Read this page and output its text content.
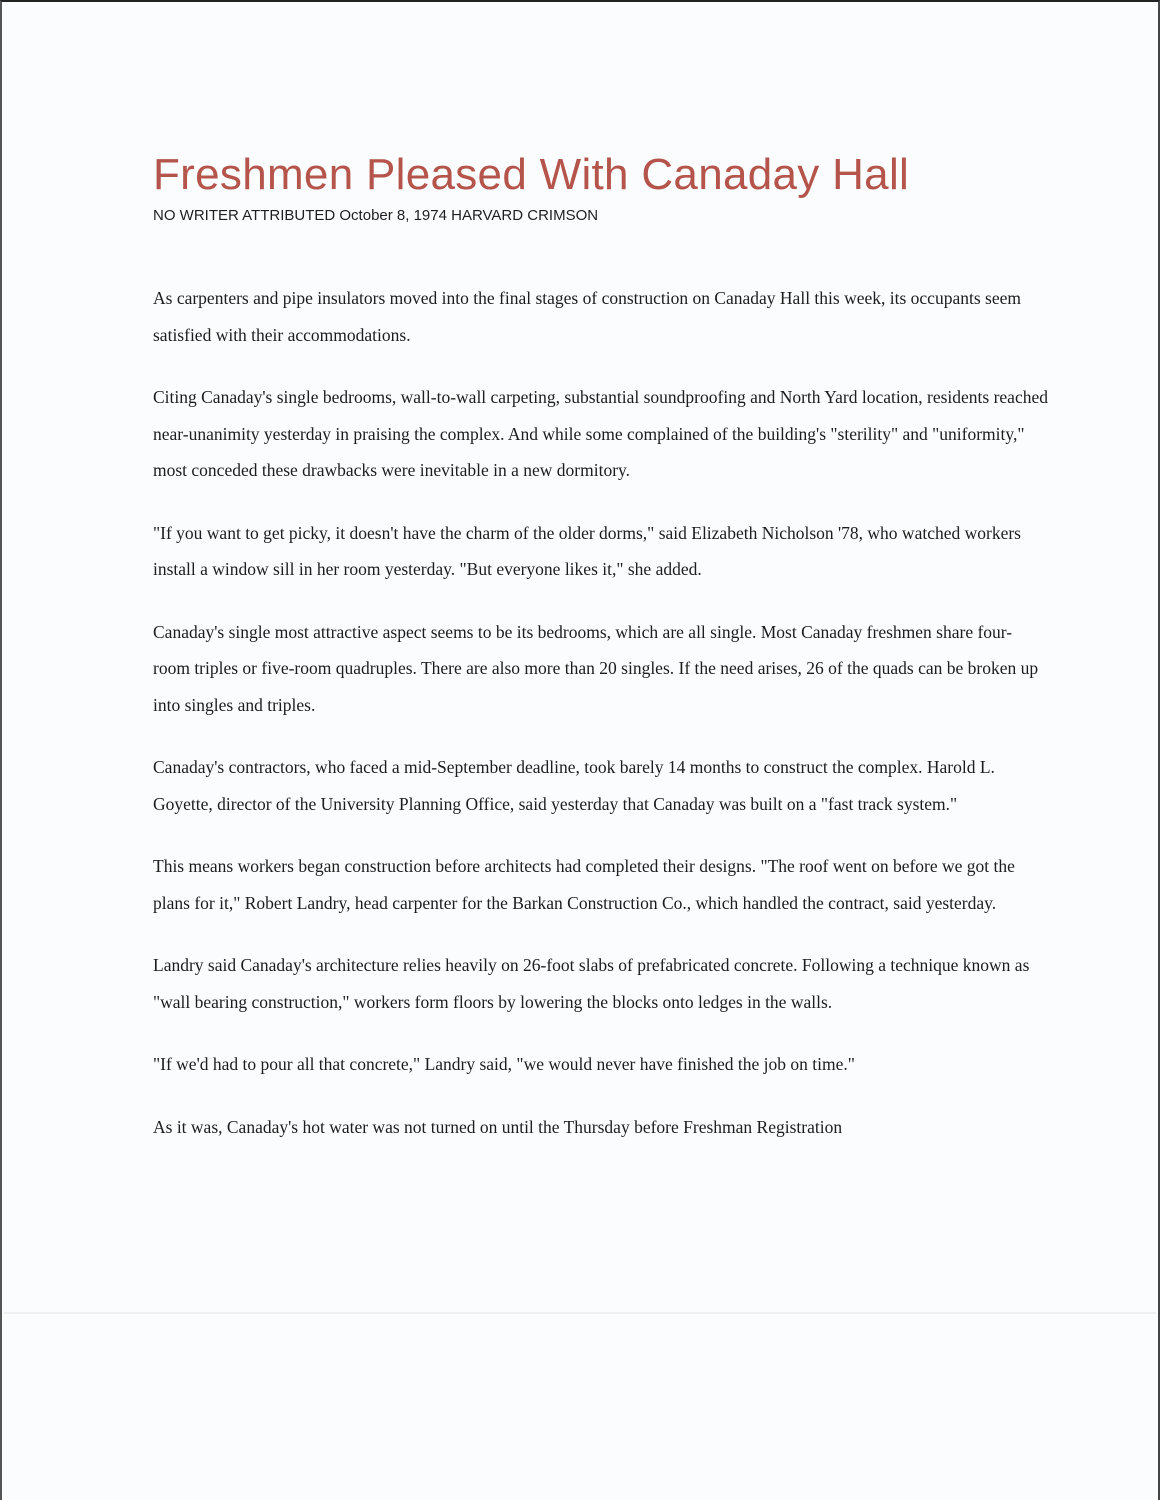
Freshmen Pleased With Canaday Hall
NO WRITER ATTRIBUTED October 8, 1974 HARVARD CRIMSON

As carpenters and pipe insulators moved into the final stages of construction on Canaday Hall this week, its occupants seem satisfied with their accommodations.

Citing Canaday's single bedrooms, wall-to-wall carpeting, substantial soundproofing and North Yard location, residents reached near-unanimity yesterday in praising the complex. And while some complained of the building's "sterility" and "uniformity," most conceded these drawbacks were inevitable in a new dormitory.

"If you want to get picky, it doesn't have the charm of the older dorms," said Elizabeth Nicholson '78, who watched workers install a window sill in her room yesterday. "But everyone likes it," she added.

Canaday's single most attractive aspect seems to be its bedrooms, which are all single. Most Canaday freshmen share four-room triples or five-room quadruples. There are also more than 20 singles. If the need arises, 26 of the quads can be broken up into singles and triples.

Canaday's contractors, who faced a mid-September deadline, took barely 14 months to construct the complex. Harold L. Goyette, director of the University Planning Office, said yesterday that Canaday was built on a "fast track system."

This means workers began construction before architects had completed their designs. "The roof went on before we got the plans for it," Robert Landry, head carpenter for the Barkan Construction Co., which handled the contract, said yesterday.

Landry said Canaday's architecture relies heavily on 26-foot slabs of prefabricated concrete. Following a technique known as "wall bearing construction," workers form floors by lowering the blocks onto ledges in the walls.

"If we'd had to pour all that concrete," Landry said, "we would never have finished the job on time."

As it was, Canaday's hot water was not turned on until the Thursday before Freshman Registration
